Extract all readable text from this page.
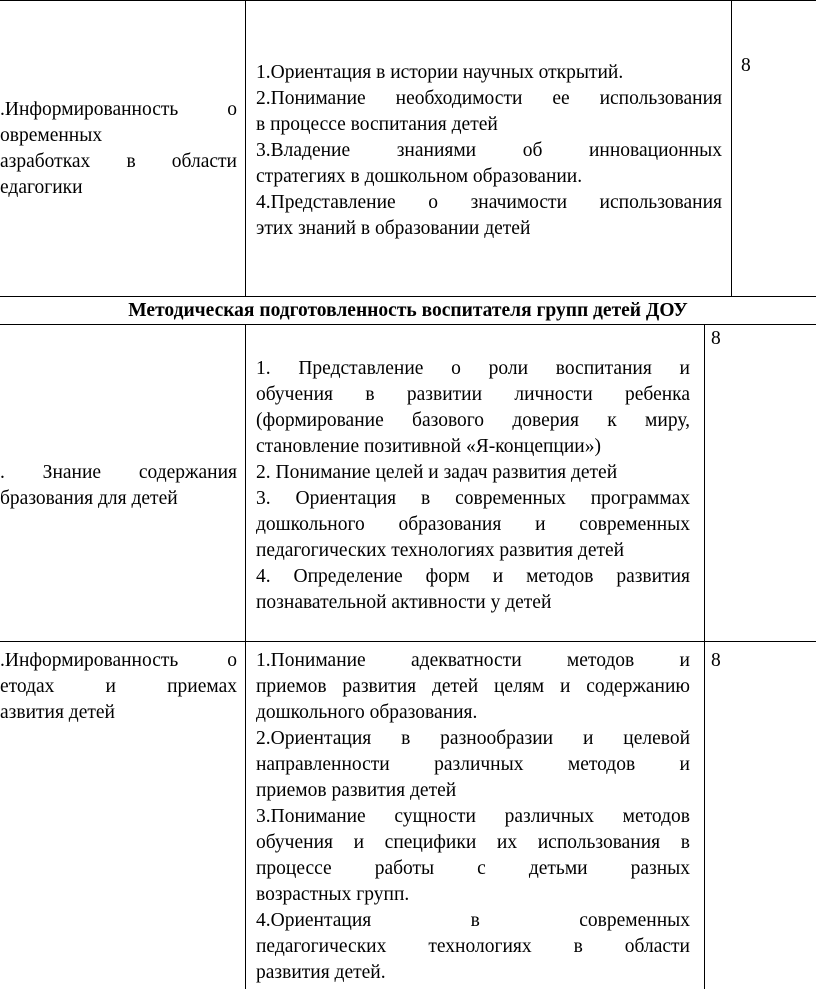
.Информированность о
овременных
азработках в области
едагогики
1.Ориентация в истории научных открытий.
2.Понимание необходимости ее использования
в процессе воспитания детей
3.Владение знаниями об инновационных
стратегиях в дошкольном образовании.
4.Представление о значимости использования
этих знаний в образовании детей
8
Методическая подготовленность воспитателя групп детей ДОУ
. Знание содержания
бразования для детей
1. Представление о роли воспитания и
обучения в развитии личности ребенка
(формирование базового доверия к миру,
становление позитивной «Я-концепции»)
2. Понимание целей и задач развития детей
3. Ориентация в современных программах
дошкольного образования и современных
педагогических технологиях развития детей
4. Определение форм и методов развития
познавательной активности у детей
8
.Информированность о
етодах и приемах
азвития детей
1.Понимание адекватности методов и
приемов развития детей целям и содержанию
дошкольного образования.
2.Ориентация в разнообразии и целевой
направленности различных методов и
приемов развития детей
3.Понимание сущности различных методов
обучения и специфики их использования в
процессе работы с детьми разных
возрастных групп.
4.Ориентация в современных
педагогических технологиях в области
развития детей.
8
